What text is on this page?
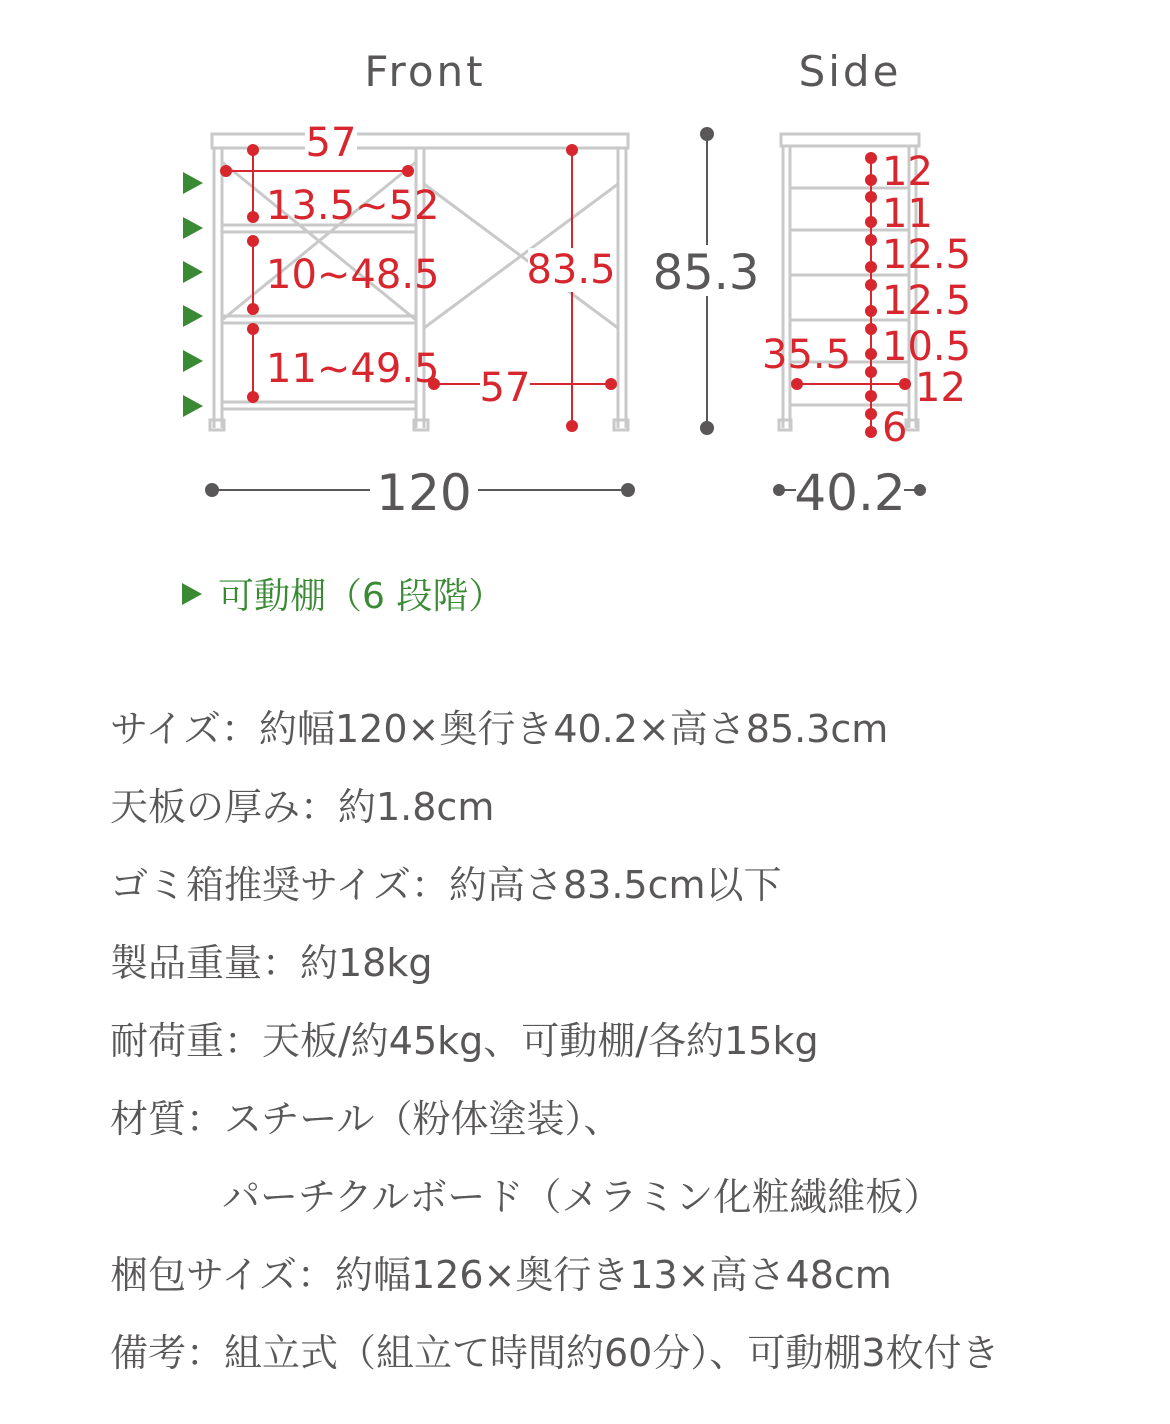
Front	Side
57
13.5~52
10~48.5
11~49.5
83.5
57
85.3
120
12
11
12.5
12.5
10.5
12
6
35.5
40.2
可動棚（6 段階）
サイズ：約幅120×奥行き40.2×高さ85.3cm
天板の厚み：約1.8cm
ゴミ箱推奨サイズ：約高さ83.5cm以下
製品重量：約18kg
耐荷重：天板/約45kg、可動棚/各約15kg
材質：スチール（粉体塗装）、
パーチクルボード（メラミン化粧繊維板）
梱包サイズ：約幅126×奥行き13×高さ48cm
備考：組立式（組立て時間約60分）、可動棚3枚付き
